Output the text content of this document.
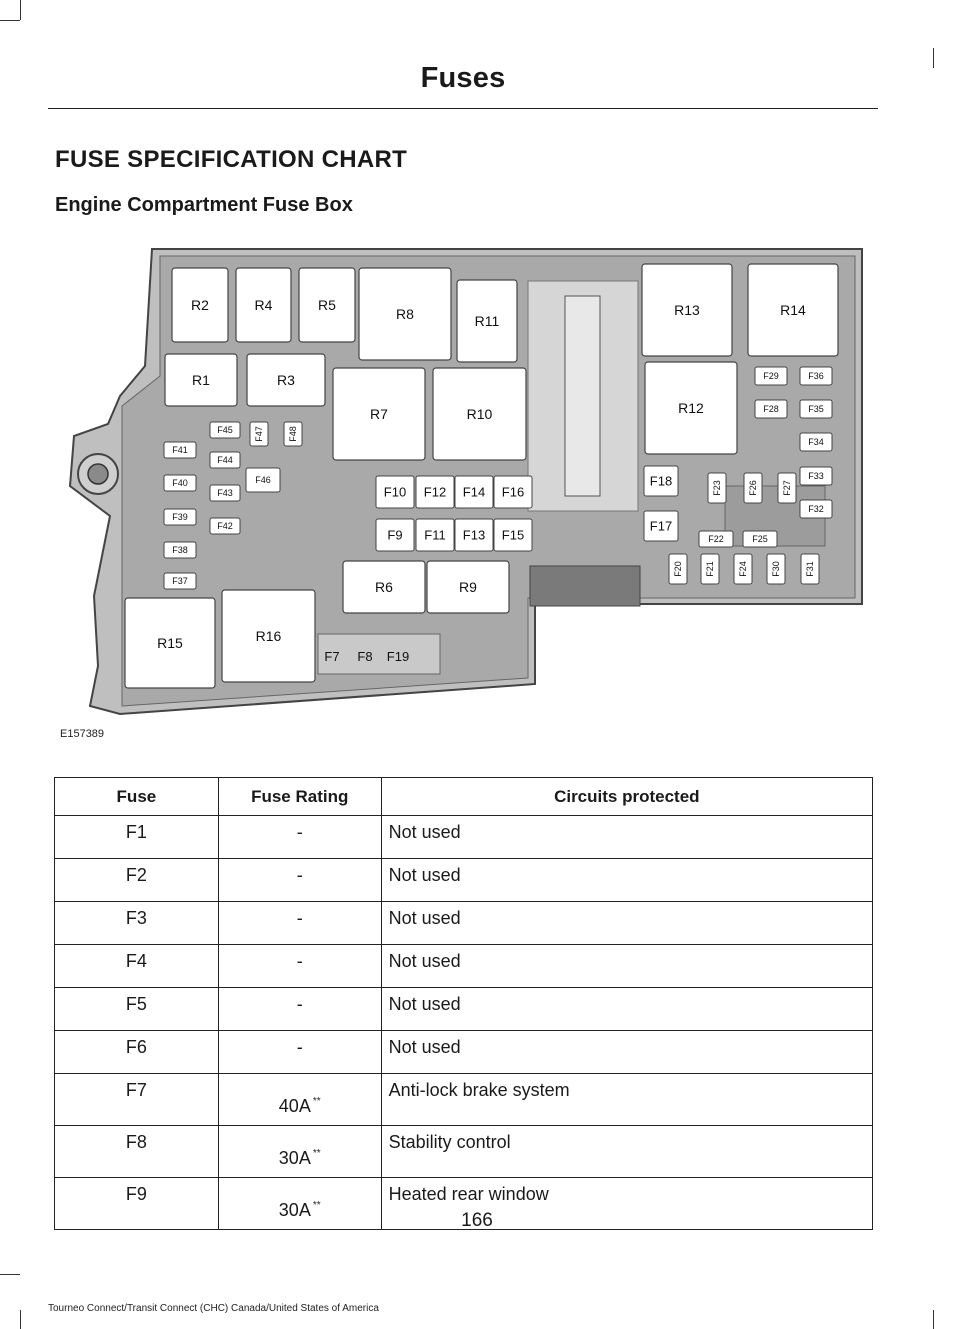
Fuses
FUSE SPECIFICATION CHART
Engine Compartment Fuse Box
R1
R2
R3
R4	R5
R6
R7
R8
R9
R10
R11
R12
R13	R14
R15	R16
F7 F8
F9
F10
F11
F12
F13
F14
F15
F16
F17
F18
F19
F20 F21
F22
F23
F24
F25
F26	F27
F28
F29
F30	F31
F32
F33
F34
F35
F36
F37
F38
F39
F40
F41
F42
F43
F44
F45
F46
F47	F48
E157389
Fuse	Fuse Rating	Circuits protected
F1	-	Not used
F2	-	Not used
F3	-	Not used
F4	-	Not used
F5	-	Not used
F6	-	Not used
F7	40A **	Anti-lock brake system
F8	30A **	Stability control
F9	30A **	Heated rear window
166
Tourneo Connect/Transit Connect (CHC) Canada/United States of America
